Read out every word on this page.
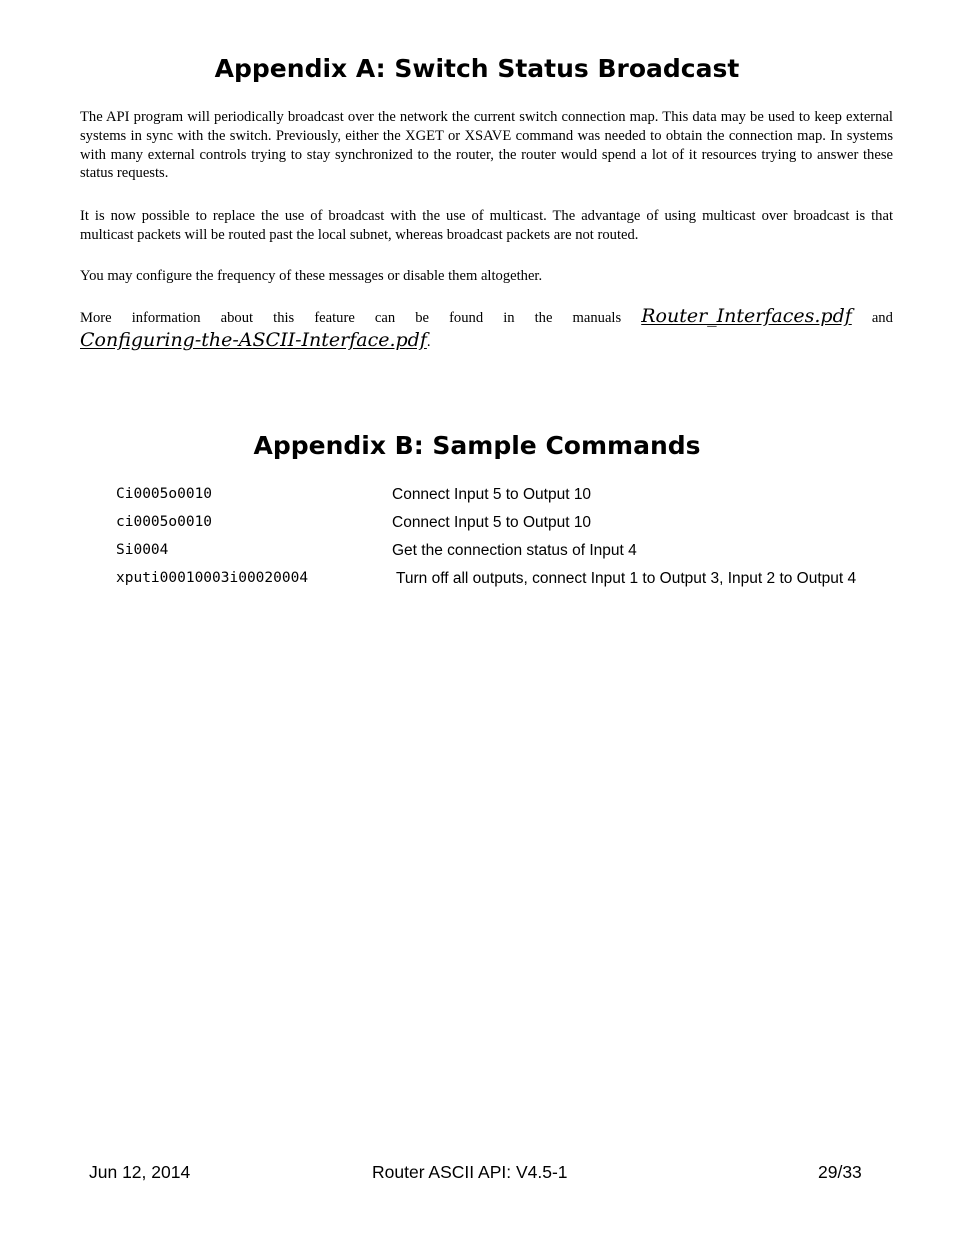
Appendix A: Switch Status Broadcast

The API program will periodically broadcast over the network the current switch connection map. This data may be used to keep external systems in sync with the switch. Previously, either the XGET or XSAVE command was needed to obtain the connection map. In systems with many external controls trying to stay synchronized to the router, the router would spend a lot of it resources trying to answer these status requests.

It is now possible to replace the use of broadcast with the use of multicast. The advantage of using multicast over broadcast is that multicast packets will be routed past the local subnet, whereas broadcast packets are not routed.

You may configure the frequency of these messages or disable them altogether.

More information about this feature can be found in the manuals Router_Interfaces.pdf and
Configuring-the-ASCII-Interface.pdf.
Appendix B: Sample Commands
Ci0005o0010	Connect Input 5 to Output 10
ci0005o0010	Connect Input 5 to Output 10
Si0004	Get the connection status of Input 4
xputi00010003i00020004	Turn off all outputs, connect Input 1 to Output 3, Input 2 to Output 4
Jun 12, 2014	Router ASCII API: V4.5-1	29/33
